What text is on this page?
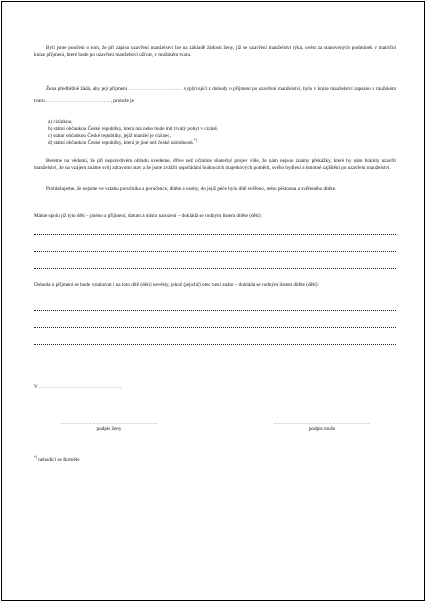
Byli jsme poučeni o tom, že při zápisu uzavření manželství lze na základě žádosti ženy, jíž se uzavření manželství týká, uvést za stanovených podmínek v matriční knize příjmení, které bude po uzavření manželství užívat, v mužském tvaru.

Žena předběžně žádá, aby její příjmení ........................................ vyplývající z dohody o příjmení po uzavření manželství, bylo v knize manželství zapsáno v mužském tvaru ................................................, protože je

a) cizinkou,
b) státní občankou České republiky, která má nebo bude mít trvalý pobyt v cizině,
c) státní občankou České republiky, jejíž manžel je cizinec,
d) státní občankou České republiky, která je jiné než české národnosti.*)

Bereme na vědomí, že při nepravdivém obřadu uvedeme, dříve než učiníme sňatečný projev vůle, že nám nejsou známy překážky, které by nám bránily uzavřít manželství, že na vzájem známe svůj zdravotní stav a že jsme zvážili uspořádání budoucích majetkových poměrů, svého bydlení a hmotné zajištění po uzavření manželství.

Prohlašujeme, že nejsme ve vztahu poručníka a poručence, dítěte a osoby, do jejíž péče bylo dítě svěřeno, nebo pěstouna a svěřeného dítěte.

Máme spolu již tyto děti – jméno a příjmení, datum a místo narození – dokládá se rodným listem dítěte (dětí):

Dohoda o příjmení se bude vztahovat i na toto dítě (děti) nevěsty, jehož (jejichž) otec není znám – dokládá se rodným listem dítěte (dětí):

V ..............................................................
........................................................................
podpis ženy
........................................................................
podpis muže
*) nehodící se škrtněte
